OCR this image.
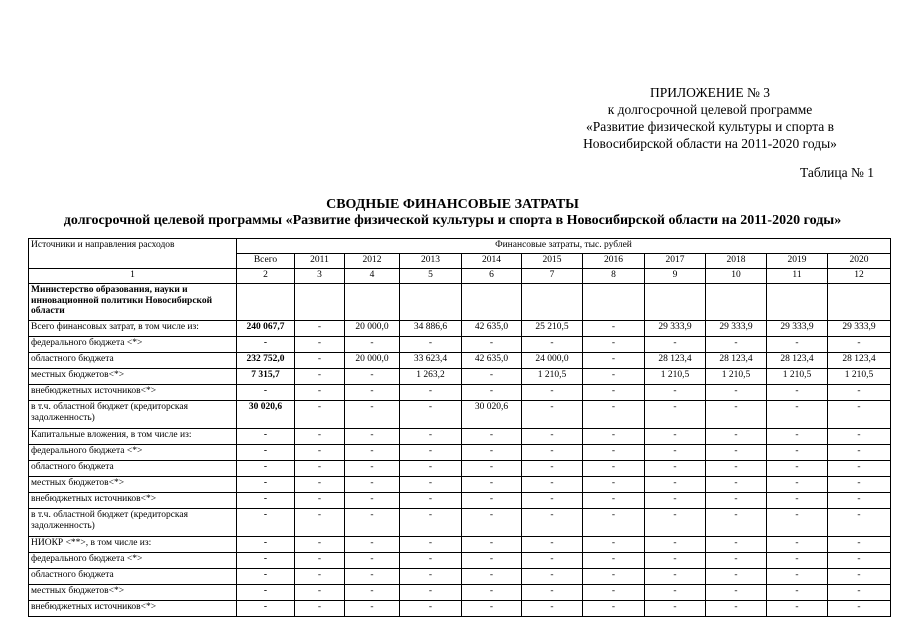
ПРИЛОЖЕНИЕ № 3
к долгосрочной целевой программе
«Развитие физической культуры и спорта в
Новосибирской области на 2011-2020 годы»
Таблица № 1
СВОДНЫЕ ФИНАНСОВЫЕ ЗАТРАТЫ
долгосрочной целевой программы «Развитие физической культуры и спорта в Новосибирской области на 2011-2020 годы»
Источники и направления расходов	Финансовые затраты, тыс. рублей										
	Всего	2011	2012	2013	2014	2015	2016	2017	2018	2019	2020
1	2	3	4	5	6	7	8	9	10	11	12
Министерство образования, науки и инновационной политики Новосибирской области											
Всего финансовых затрат, в том числе из:	240 067,7	-	20 000,0	34 886,6	42 635,0	25 210,5	-	29 333,9	29 333,9	29 333,9	29 333,9
федерального бюджета <*>	-	-	-	-	-	-	-	-	-	-	-
областного бюджета	232 752,0	-	20 000,0	33 623,4	42 635,0	24 000,0	-	28 123,4	28 123,4	28 123,4	28 123,4
местных бюджетов<*>	7 315,7	-	-	1 263,2	-	1 210,5	-	1 210,5	1 210,5	1 210,5	1 210,5
внебюджетных источников<*>	-	-	-	-	-	-	-	-	-	-	-
в т.ч. областной бюджет (кредиторская задолженность)	30 020,6	-	-	-	30 020,6	-	-	-	-	-	-
Капитальные вложения, в том числе из:	-	-	-	-	-	-	-	-	-	-	-
федерального бюджета <*>	-	-	-	-	-	-	-	-	-	-	-
областного бюджета	-	-	-	-	-	-	-	-	-	-	-
местных бюджетов<*>	-	-	-	-	-	-	-	-	-	-	-
внебюджетных источников<*>	-	-	-	-	-	-	-	-	-	-	-
в т.ч. областной бюджет (кредиторская задолженность)	-	-	-	-	-	-	-	-	-	-	-
НИОКР <**>, в том числе из:	-	-	-	-	-	-	-	-	-	-	-
федерального бюджета <*>	-	-	-	-	-	-	-	-	-	-	-
областного бюджета	-	-	-	-	-	-	-	-	-	-	-
местных бюджетов<*>	-	-	-	-	-	-	-	-	-	-	-
внебюджетных источников<*>	-	-	-	-	-	-	-	-	-	-	-
